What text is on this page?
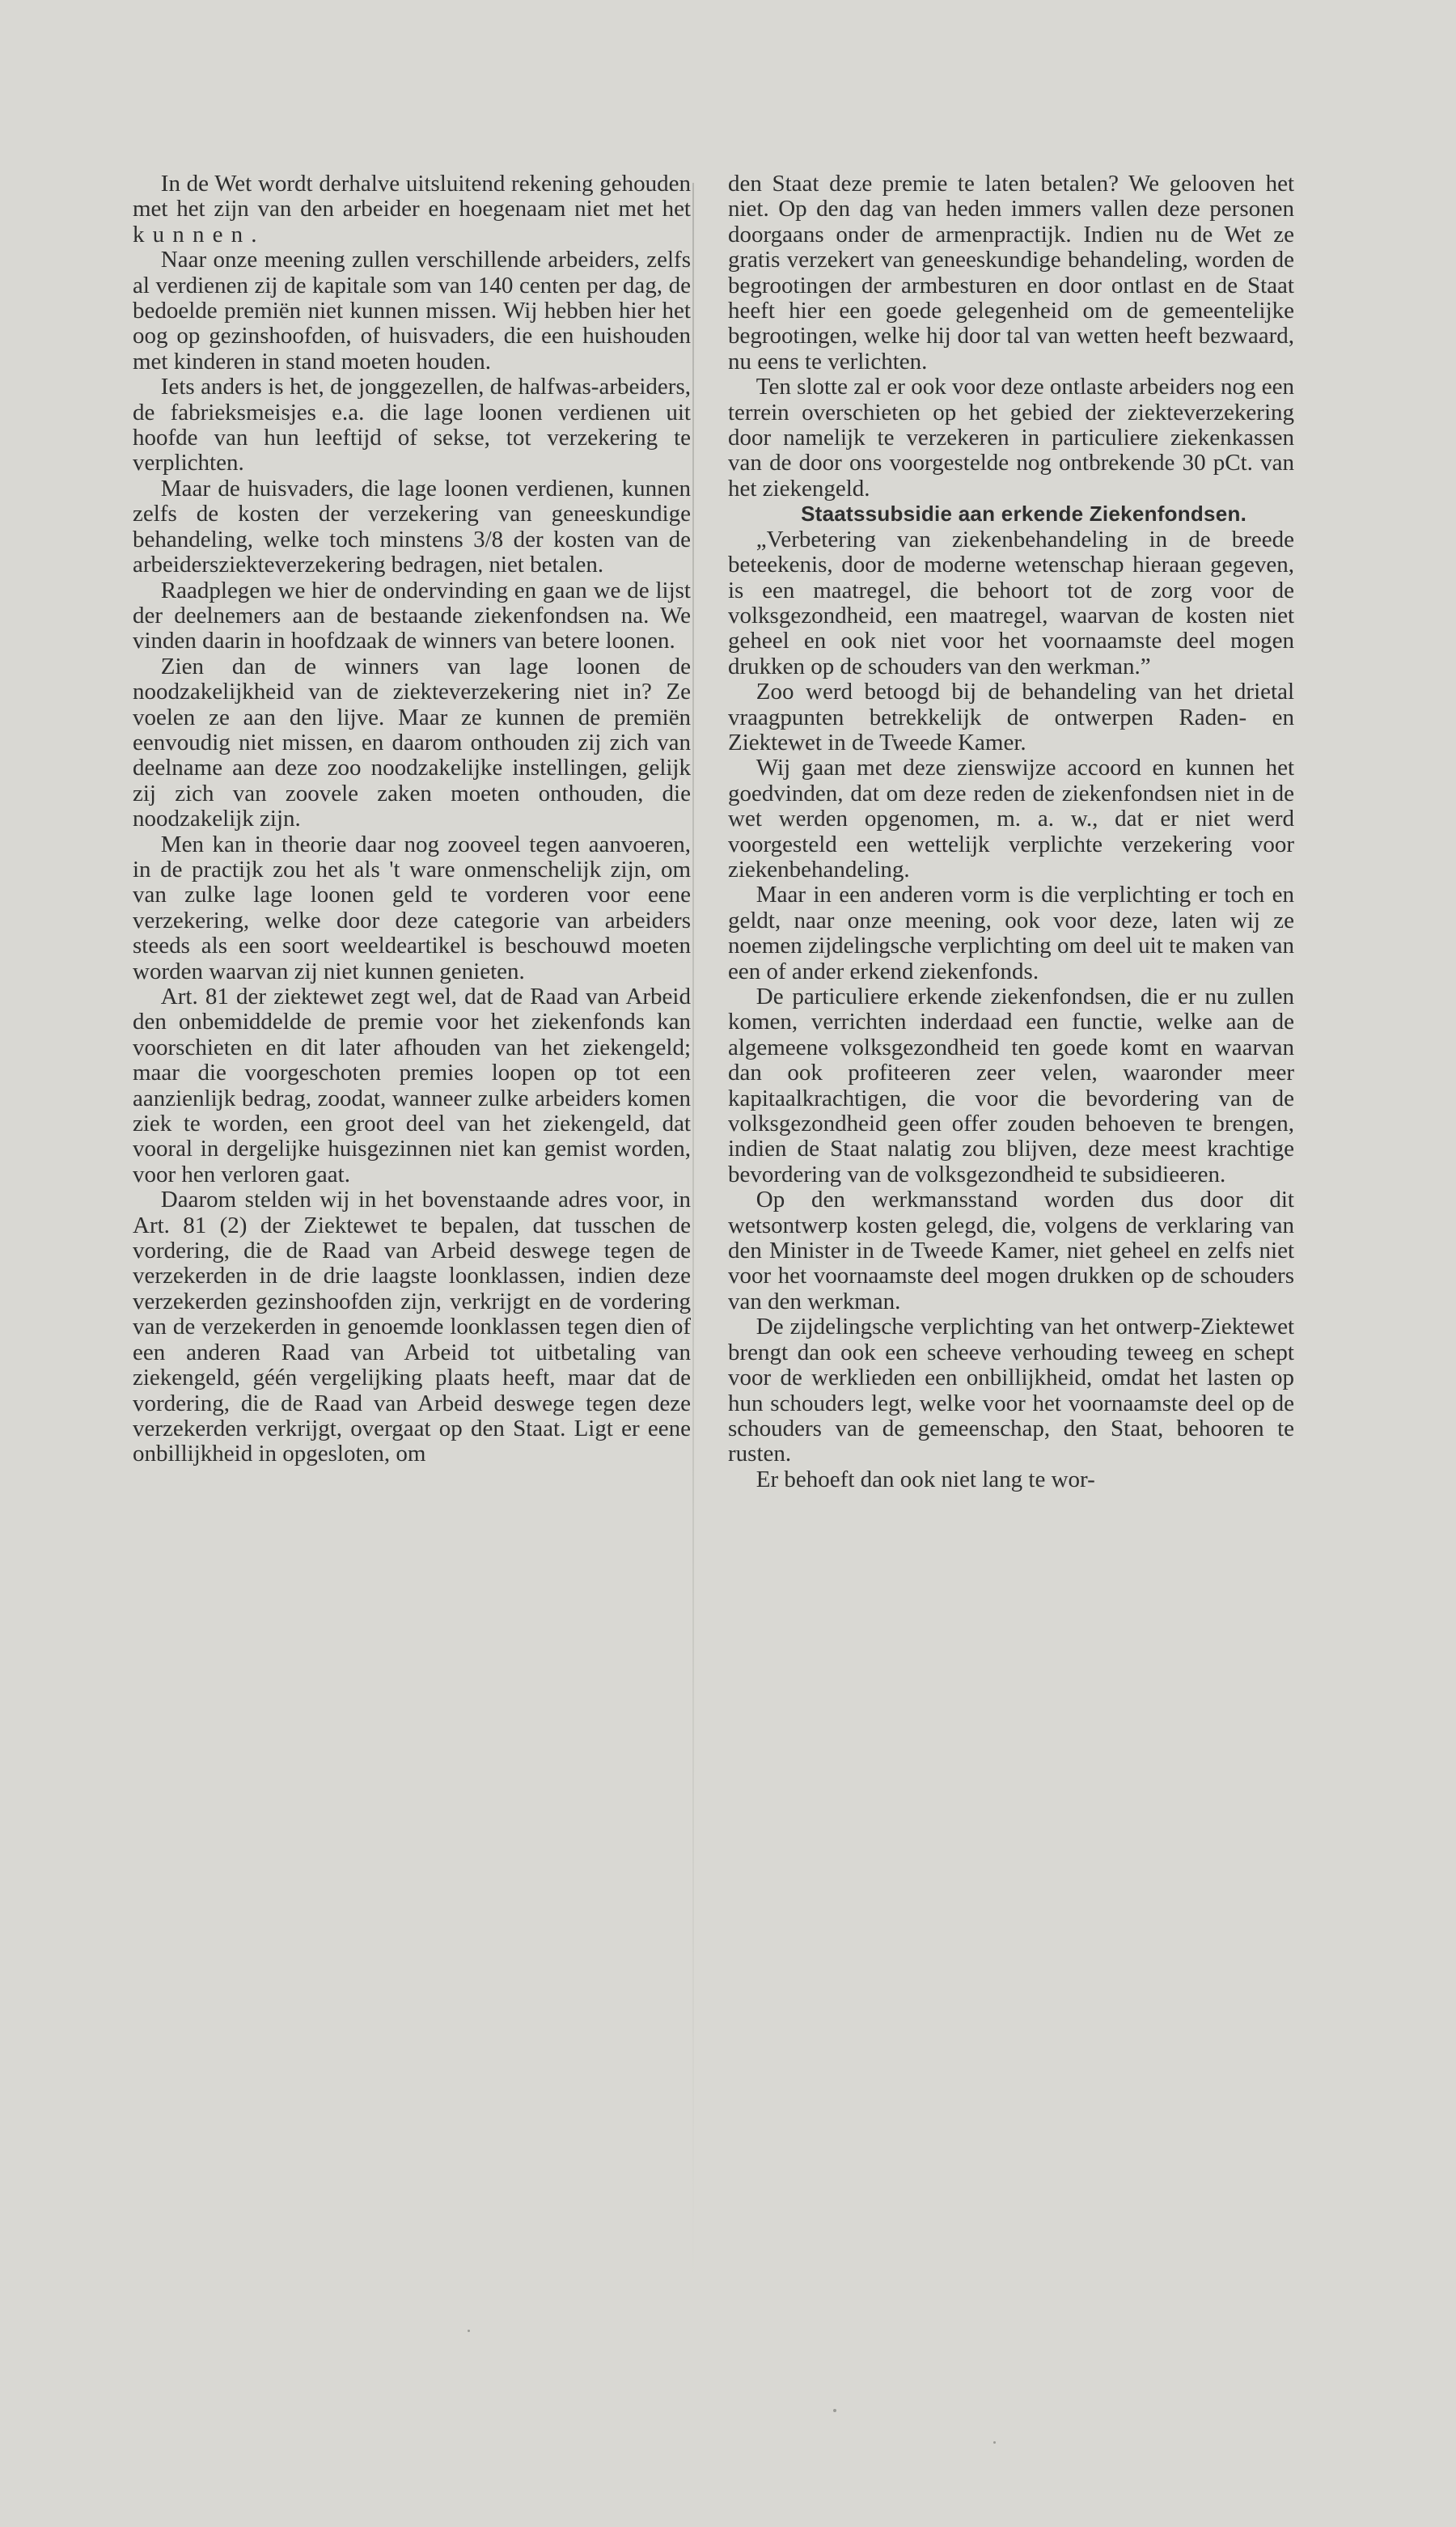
In de Wet wordt derhalve uitsluitend rekening gehouden met het zijn van den arbeider en hoegenaam niet met het kunnen.

Naar onze meening zullen verschillende arbeiders, zelfs al verdienen zij de kapitale som van 140 centen per dag, de bedoelde premiën niet kunnen missen. Wij hebben hier het oog op gezinshoofden, of huisvaders, die een huishouden met kinderen in stand moeten houden.

Iets anders is het, de jonggezellen, de halfwas-arbeiders, de fabrieksmeisjes e.a. die lage loonen verdienen uit hoofde van hun leeftijd of sekse, tot verzekering te verplichten.

Maar de huisvaders, die lage loonen verdienen, kunnen zelfs de kosten der verzekering van geneeskundige behandeling, welke toch minstens 3/8 der kosten van de arbeidersziekteverzekering bedragen, niet betalen.

Raadplegen we hier de ondervinding en gaan we de lijst der deelnemers aan de bestaande ziekenfondsen na. We vinden daarin in hoofdzaak de winners van betere loonen.

Zien dan de winners van lage loonen de noodzakelijkheid van de ziekteverzekering niet in? Ze voelen ze aan den lijve. Maar ze kunnen de premiën eenvoudig niet missen, en daarom onthouden zij zich van deelname aan deze zoo noodzakelijke instellingen, gelijk zij zich van zoovele zaken moeten onthouden, die noodzakelijk zijn.

Men kan in theorie daar nog zooveel tegen aanvoeren, in de practijk zou het als 't ware onmenschelijk zijn, om van zulke lage loonen geld te vorderen voor eene verzekering, welke door deze categorie van arbeiders steeds als een soort weeldeartikel is beschouwd moeten worden waarvan zij niet kunnen genieten.

Art. 81 der ziektewet zegt wel, dat de Raad van Arbeid den onbemiddelde de premie voor het ziekenfonds kan voorschieten en dit later afhouden van het ziekengeld; maar die voorgeschoten premies loopen op tot een aanzienlijk bedrag, zoodat, wanneer zulke arbeiders komen ziek te worden, een groot deel van het ziekengeld, dat vooral in dergelijke huisgezinnen niet kan gemist worden, voor hen verloren gaat.

Daarom stelden wij in het bovenstaande adres voor, in Art. 81 (2) der Ziektewet te bepalen, dat tusschen de vordering, die de Raad van Arbeid deswege tegen de verzekerden in de drie laagste loonklassen, indien deze verzekerden gezinshoofden zijn, verkrijgt en de vordering van de verzekerden in genoemde loonklassen tegen dien of een anderen Raad van Arbeid tot uitbetaling van ziekengeld, géén vergelijking plaats heeft, maar dat de vordering, die de Raad van Arbeid deswege tegen deze verzekerden verkrijgt, overgaat op den Staat. Ligt er eene onbillijkheid in opgesloten, om

den Staat deze premie te laten betalen? We gelooven het niet. Op den dag van heden immers vallen deze personen doorgaans onder de armenpractijk. Indien nu de Wet ze gratis verzekert van geneeskundige behandeling, worden de begrootingen der armbesturen en door ontlast en de Staat heeft hier een goede gelegenheid om de gemeentelijke begrootingen, welke hij door tal van wetten heeft bezwaard, nu eens te verlichten.

Ten slotte zal er ook voor deze ontlaste arbeiders nog een terrein overschieten op het gebied der ziekteverzekering door namelijk te verzekeren in particuliere ziekenkassen van de door ons voorgestelde nog ontbrekende 30 pCt. van het ziekengeld.

Staatssubsidie aan erkende Ziekenfondsen.

„Verbetering van ziekenbehandeling in de breede beteekenis, door de moderne wetenschap hieraan gegeven, is een maatregel, die behoort tot de zorg voor de volksgezondheid, een maatregel, waarvan de kosten niet geheel en ook niet voor het voornaamste deel mogen drukken op de schouders van den werkman.”

Zoo werd betoogd bij de behandeling van het drietal vraagpunten betrekkelijk de ontwerpen Raden- en Ziektewet in de Tweede Kamer.

Wij gaan met deze zienswijze accoord en kunnen het goedvinden, dat om deze reden de ziekenfondsen niet in de wet werden opgenomen, m. a. w., dat er niet werd voorgesteld een wettelijk verplichte verzekering voor ziekenbehandeling.

Maar in een anderen vorm is die verplichting er toch en geldt, naar onze meening, ook voor deze, laten wij ze noemen zijdelingsche verplichting om deel uit te maken van een of ander erkend ziekenfonds.

De particuliere erkende ziekenfondsen, die er nu zullen komen, verrichten inderdaad een functie, welke aan de algemeene volksgezondheid ten goede komt en waarvan dan ook profiteeren zeer velen, waaronder meer kapitaalkrachtigen, die voor die bevordering van de volksgezondheid geen offer zouden behoeven te brengen, indien de Staat nalatig zou blijven, deze meest krachtige bevordering van de volksgezondheid te subsidieeren.

Op den werkmansstand worden dus door dit wetsontwerp kosten gelegd, die, volgens de verklaring van den Minister in de Tweede Kamer, niet geheel en zelfs niet voor het voornaamste deel mogen drukken op de schouders van den werkman.

De zijdelingsche verplichting van het ontwerp-Ziektewet brengt dan ook een scheeve verhouding teweeg en schept voor de werklieden een onbillijkheid, omdat het lasten op hun schouders legt, welke voor het voornaamste deel op de schouders van de gemeenschap, den Staat, behooren te rusten.

Er behoeft dan ook niet lang te wor-
